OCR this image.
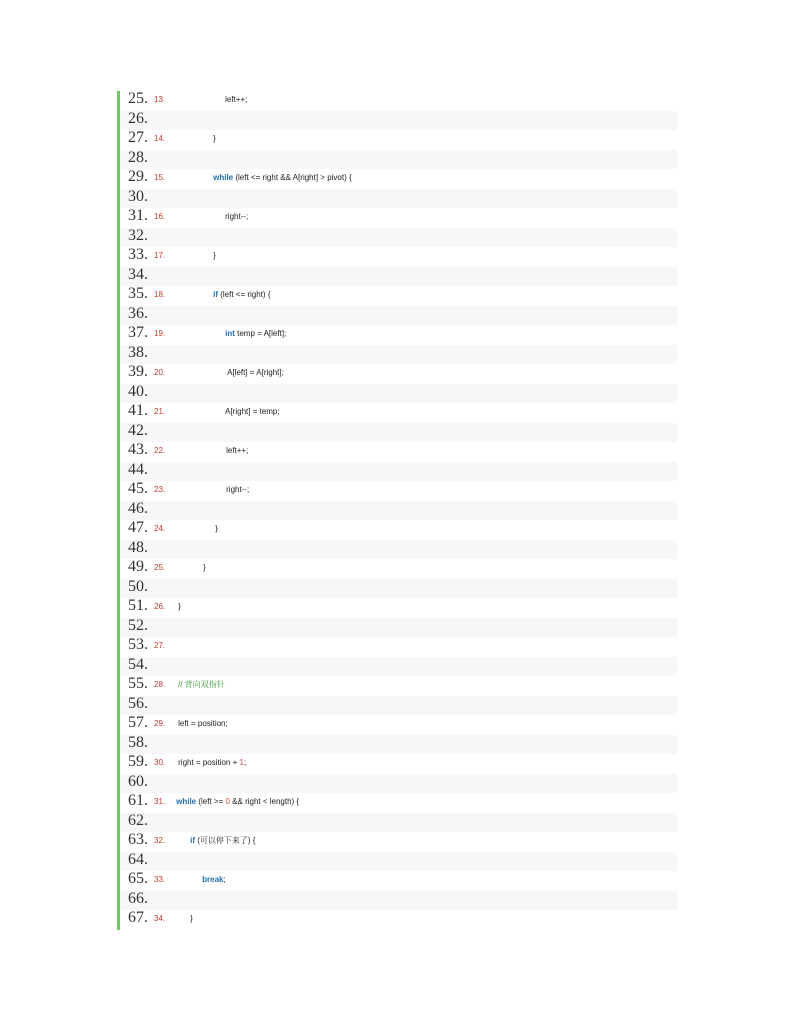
25. 13.	left++;
26.
27. 14.	}
28.
29. 15.	while (left <= right && A[right] > pivot) {
30.
31. 16.	right--;
32.
33. 17.	}
34.
35. 18.	if (left <= right) {
36.
37. 19.	int temp = A[left];
38.
39. 20.	A[left] = A[right];
40.
41. 21.	A[right] = temp;
42.
43. 22.	left++;
44.
45. 23.	right--;
46.
47. 24.	}
48.
49. 25.	}
50.
51. 26. }
52.
53. 27.
54.
55. 28. // 背向双指针
56.
57. 29. left = position;
58.
59. 30. right = position + 1;
60.
61. 31. while (left >= 0 && right < length) {
62.
63. 32.	if (可以停下来了) {
64.
65. 33.	break;
66.
67. 34.	}
